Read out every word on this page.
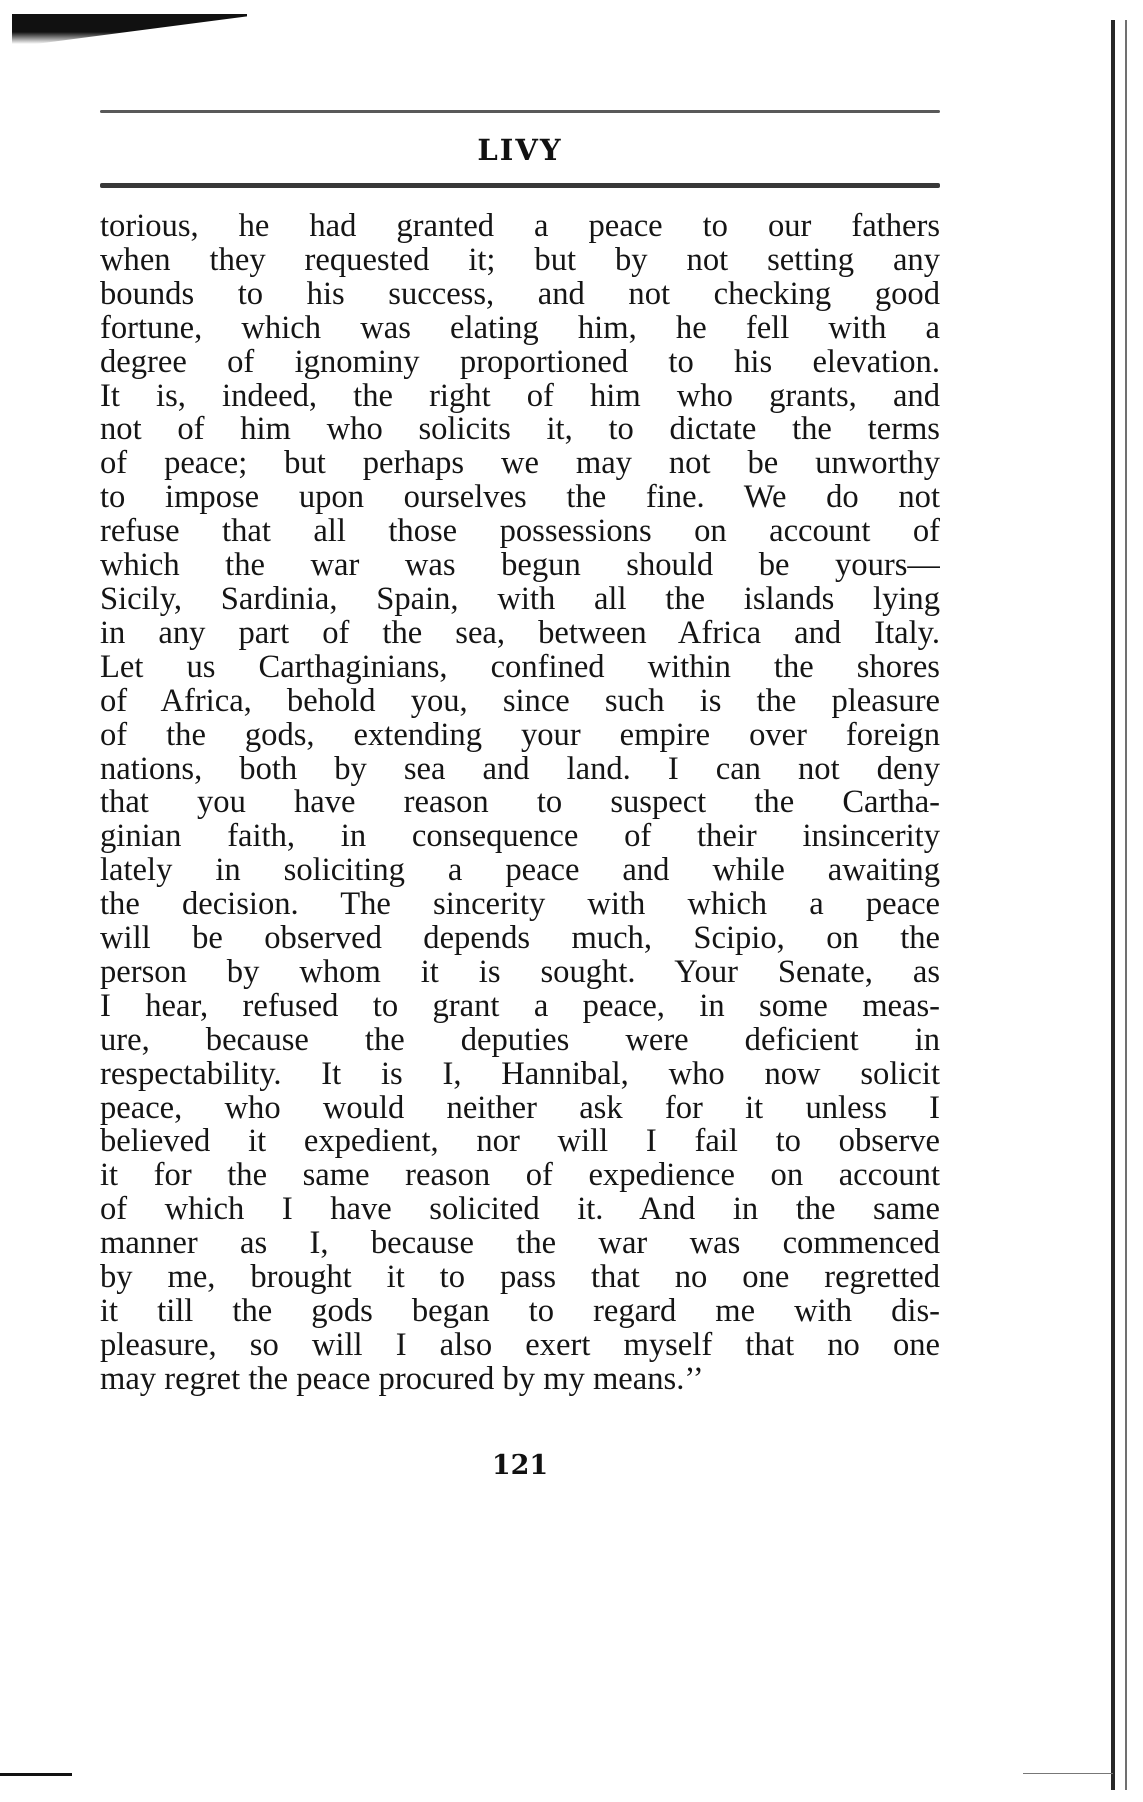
LIVY
torious, he had granted a peace to our fathers
when they requested it; but by not setting any
bounds to his success, and not checking good
fortune, which was elating him, he fell with a
degree of ignominy proportioned to his elevation.
It is, indeed, the right of him who grants, and
not of him who solicits it, to dictate the terms
of peace; but perhaps we may not be unworthy
to impose upon ourselves the fine. We do not
refuse that all those possessions on account of
which the war was begun should be yours—
Sicily, Sardinia, Spain, with all the islands lying
in any part of the sea, between Africa and Italy.
Let us Carthaginians, confined within the shores
of Africa, behold you, since such is the pleasure
of the gods, extending your empire over foreign
nations, both by sea and land. I can not deny
that you have reason to suspect the Cartha-
ginian faith, in consequence of their insincerity
lately in soliciting a peace and while awaiting
the decision. The sincerity with which a peace
will be observed depends much, Scipio, on the
person by whom it is sought. Your Senate, as
I hear, refused to grant a peace, in some meas-
ure, because the deputies were deficient in
respectability. It is I, Hannibal, who now solicit
peace, who would neither ask for it unless I
believed it expedient, nor will I fail to observe
it for the same reason of expedience on account
of which I have solicited it. And in the same
manner as I, because the war was commenced
by me, brought it to pass that no one regretted
it till the gods began to regard me with dis-
pleasure, so will I also exert myself that no one
may regret the peace procured by my means.’’
121
